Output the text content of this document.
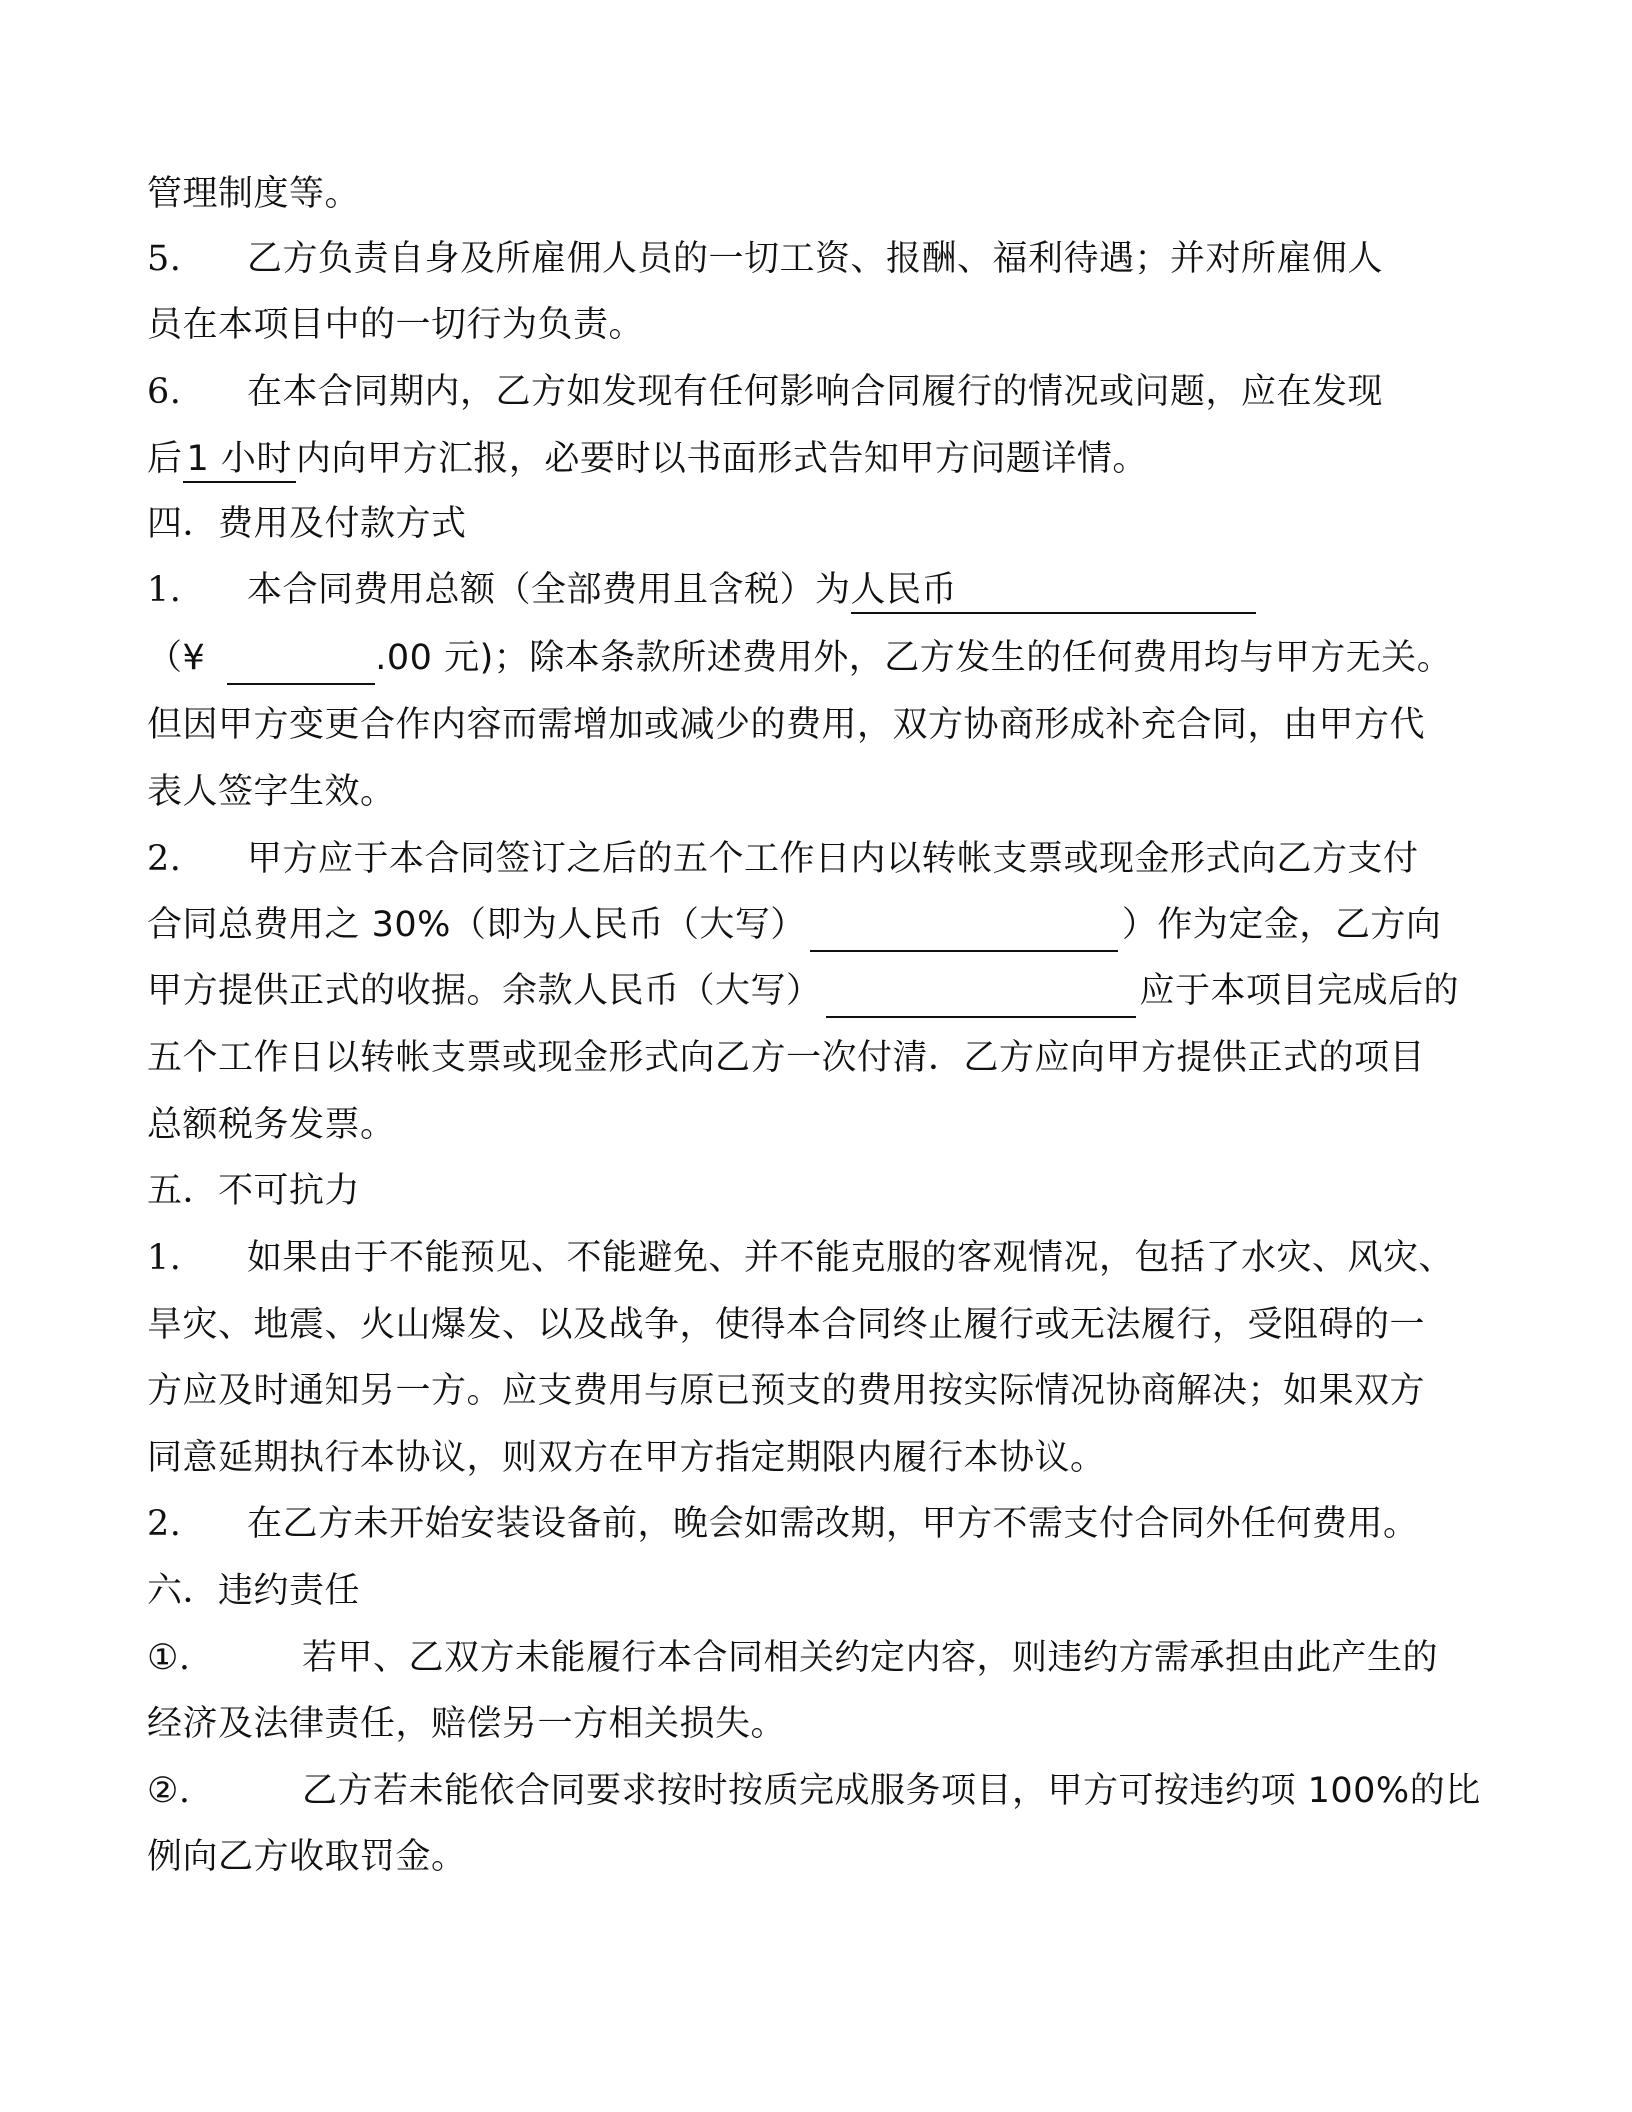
管理制度等。
5. 乙方负责自身及所雇佣人员的一切工资、报酬、福利待遇；并对所雇佣人
员在本项目中的一切行为负责。
6. 在本合同期内，乙方如发现有任何影响合同履行的情况或问题，应在发现
后 1 小时 内向甲方汇报，必要时以书面形式告知甲方问题详情。
四．费用及付款方式
1. 本合同费用总额（全部费用且含税）为人民币
（¥	.00 元)；除本条款所述费用外，乙方发生的任何费用均与甲方无关。
但因甲方变更合作内容而需增加或减少的费用，双方协商形成补充合同，由甲方代
表人签字生效。
2. 甲方应于本合同签订之后的五个工作日内以转帐支票或现金形式向乙方支付
合同总费用之 30%（即为人民币（大写）	）作为定金，乙方向
甲方提供正式的收据。余款人民币（大写）	应于本项目完成后的
五个工作日以转帐支票或现金形式向乙方一次付清．乙方应向甲方提供正式的项目
总额税务发票。
五．不可抗力
1. 如果由于不能预见、不能避免、并不能克服的客观情况，包括了水灾、风灾、
旱灾、地震、火山爆发、以及战争，使得本合同终止履行或无法履行，受阻碍的一
方应及时通知另一方。应支费用与原已预支的费用按实际情况协商解决；如果双方
同意延期执行本协议，则双方在甲方指定期限内履行本协议。
2. 在乙方未开始安装设备前，晚会如需改期，甲方不需支付合同外任何费用。
六．违约责任
①.	若甲、乙双方未能履行本合同相关约定内容，则违约方需承担由此产生的
经济及法律责任，赔偿另一方相关损失。
②.	乙方若未能依合同要求按时按质完成服务项目，甲方可按违约项 100%的比
例向乙方收取罚金。
